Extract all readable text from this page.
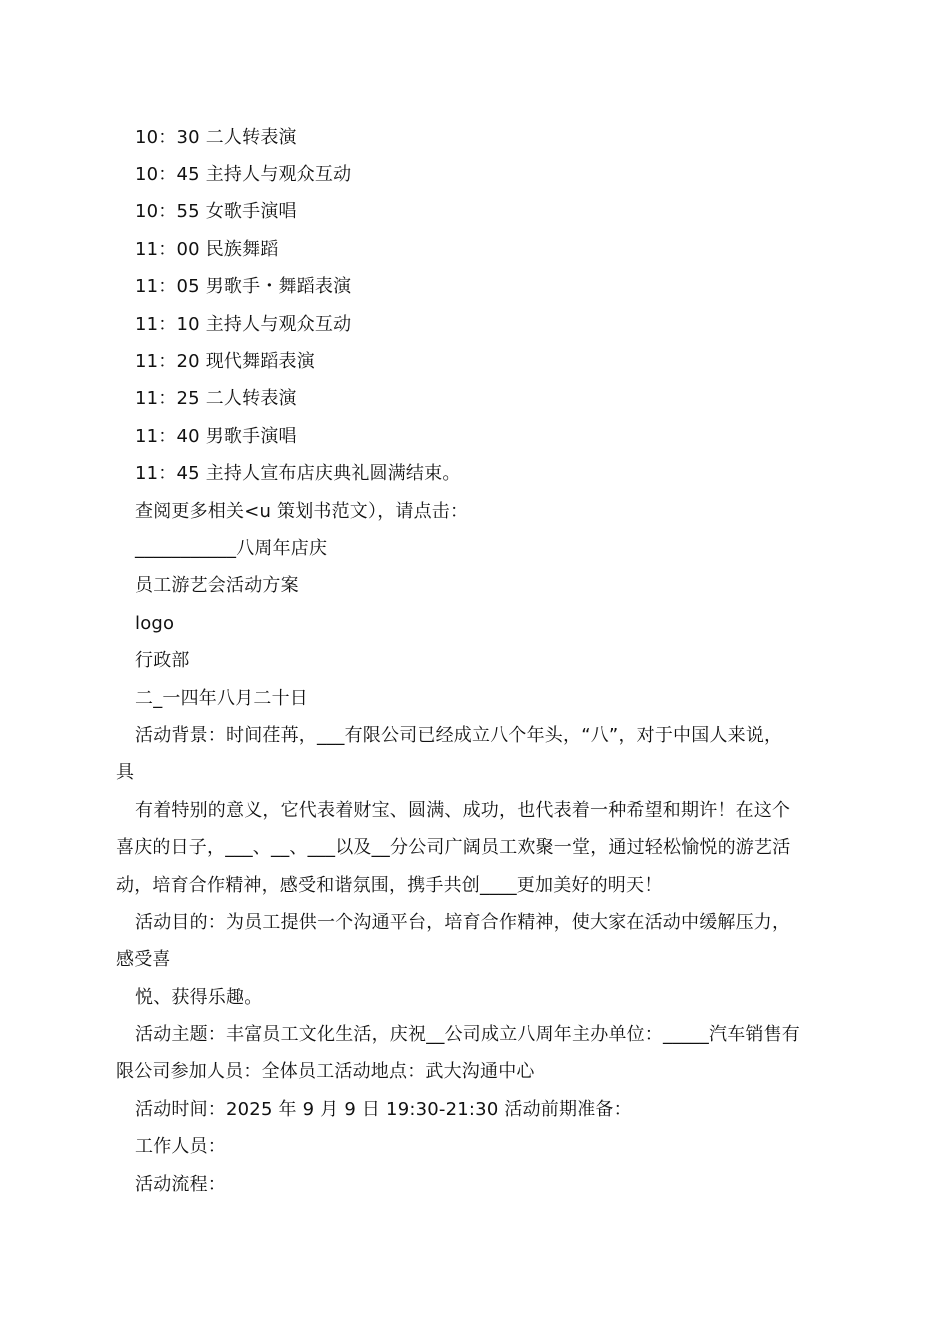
10：30 二人转表演
10：45 主持人与观众互动
10：55 女歌手演唱
11：00 民族舞蹈
11：05 男歌手・舞蹈表演
11：10 主持人与观众互动
11：20 现代舞蹈表演
11：25 二人转表演
11：40 男歌手演唱
11：45 主持人宣布店庆典礼圆满结束。
查阅更多相关<u 策划书范文），请点击：
___________八周年店庆
员工游艺会活动方案
logo
行政部
二_一四年八月二十日
活动背景：时间荏苒，___有限公司已经成立八个年头，“八”，对于中国人来说，
具
有着特别的意义，它代表着财宝、圆满、成功，也代表着一种希望和期许！在这个
喜庆的日子，___、__、___以及__分公司广阔员工欢聚一堂，通过轻松愉悦的游艺活
动，培育合作精神，感受和谐氛围，携手共创____更加美好的明天！
活动目的：为员工提供一个沟通平台，培育合作精神，使大家在活动中缓解压力，
感受喜
悦、获得乐趣。
活动主题：丰富员工文化生活，庆祝__公司成立八周年主办单位：_____汽车销售有
限公司参加人员：全体员工活动地点：武大沟通中心
活动时间：2025 年 9 月 9 日 19:30-21:30 活动前期准备：
工作人员：
活动流程：
